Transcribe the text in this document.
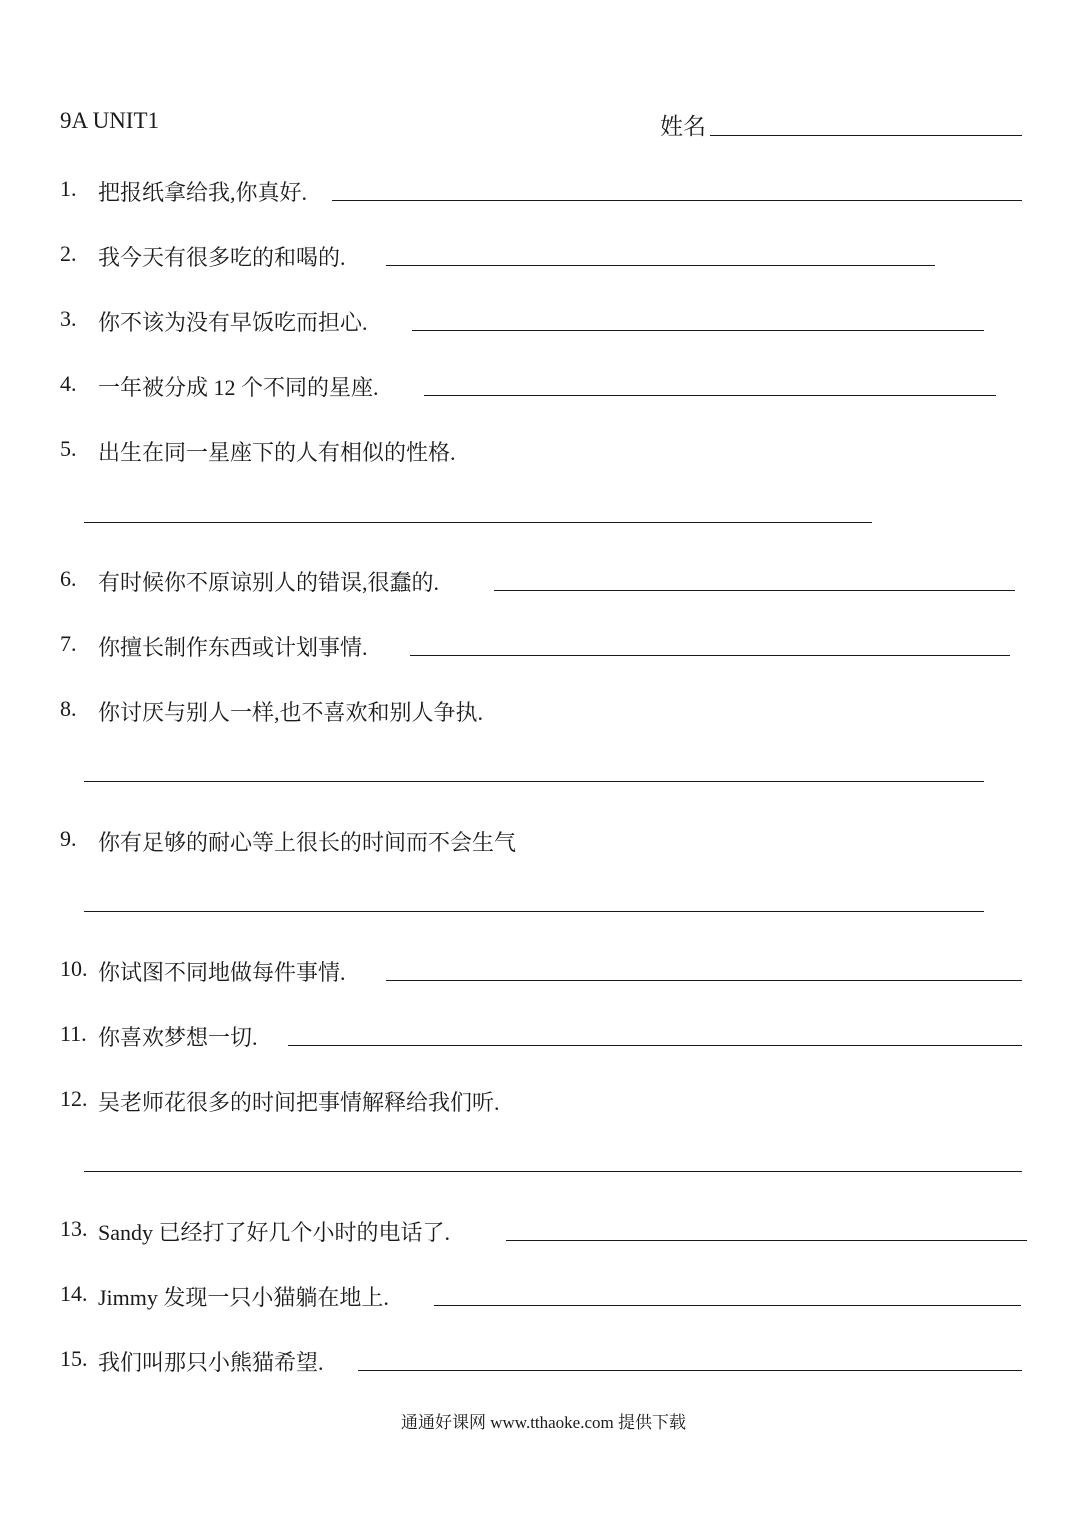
9A UNIT1	姓名
1. 把报纸拿给我,你真好.
2. 我今天有很多吃的和喝的.
3. 你不该为没有早饭吃而担心.
4. 一年被分成 12 个不同的星座.
5. 出生在同一星座下的人有相似的性格.
6. 有时候你不原谅别人的错误,很蠢的.
7. 你擅长制作东西或计划事情.
8. 你讨厌与别人一样,也不喜欢和别人争执.
9. 你有足够的耐心等上很长的时间而不会生气
10. 你试图不同地做每件事情.
11. 你喜欢梦想一切.
12. 吴老师花很多的时间把事情解释给我们听.
13. Sandy 已经打了好几个小时的电话了.
14. Jimmy 发现一只小猫躺在地上.
15. 我们叫那只小熊猫希望.
通通好课网 www.tthaoke.com 提供下载
